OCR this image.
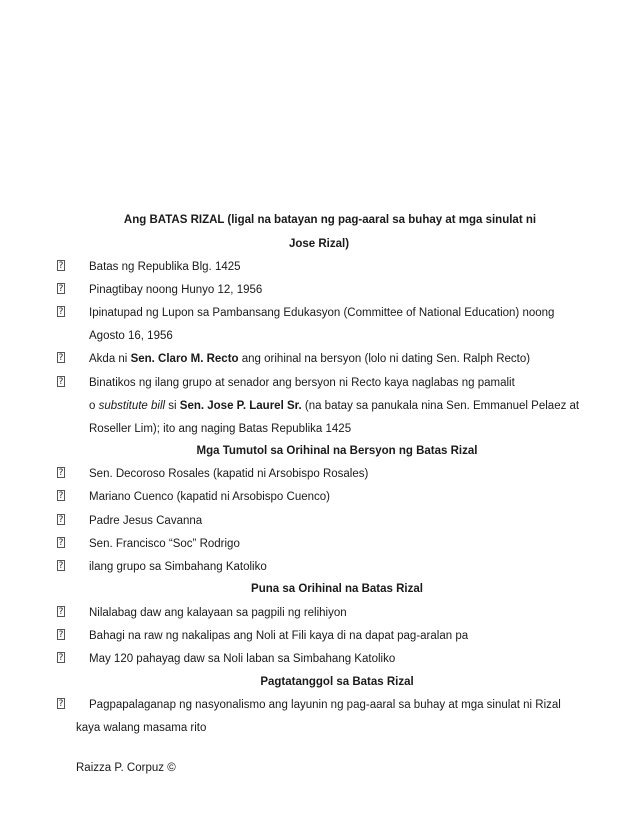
Ang BATAS RIZAL (ligal na batayan ng pag-aaral sa buhay at mga sinulat ni
Jose Rizal)
? Batas ng Republika Blg. 1425
? Pinagtibay noong Hunyo 12, 1956
? Ipinatupad ng Lupon sa Pambansang Edukasyon (Committee of National Education) noong
Agosto 16, 1956
? Akda ni Sen. Claro M. Recto ang orihinal na bersyon (lolo ni dating Sen. Ralph Recto)
? Binatikos ng ilang grupo at senador ang bersyon ni Recto kaya naglabas ng pamalit
o substitute bill si Sen. Jose P. Laurel Sr. (na batay sa panukala nina Sen. Emmanuel Pelaez at
Roseller Lim); ito ang naging Batas Republika 1425
Mga Tumutol sa Orihinal na Bersyon ng Batas Rizal
? Sen. Decoroso Rosales (kapatid ni Arsobispo Rosales)
? Mariano Cuenco (kapatid ni Arsobispo Cuenco)
? Padre Jesus Cavanna
? Sen. Francisco “Soc” Rodrigo
? ilang grupo sa Simbahang Katoliko
Puna sa Orihinal na Batas Rizal
? Nilalabag daw ang kalayaan sa pagpili ng relihiyon
? Bahagi na raw ng nakalipas ang Noli at Fili kaya di na dapat pag-aralan pa
? May 120 pahayag daw sa Noli laban sa Simbahang Katoliko
Pagtatanggol sa Batas Rizal
? Pagpapalaganap ng nasyonalismo ang layunin ng pag-aaral sa buhay at mga sinulat ni Rizal
kaya walang masama rito
Raizza P. Corpuz ©
